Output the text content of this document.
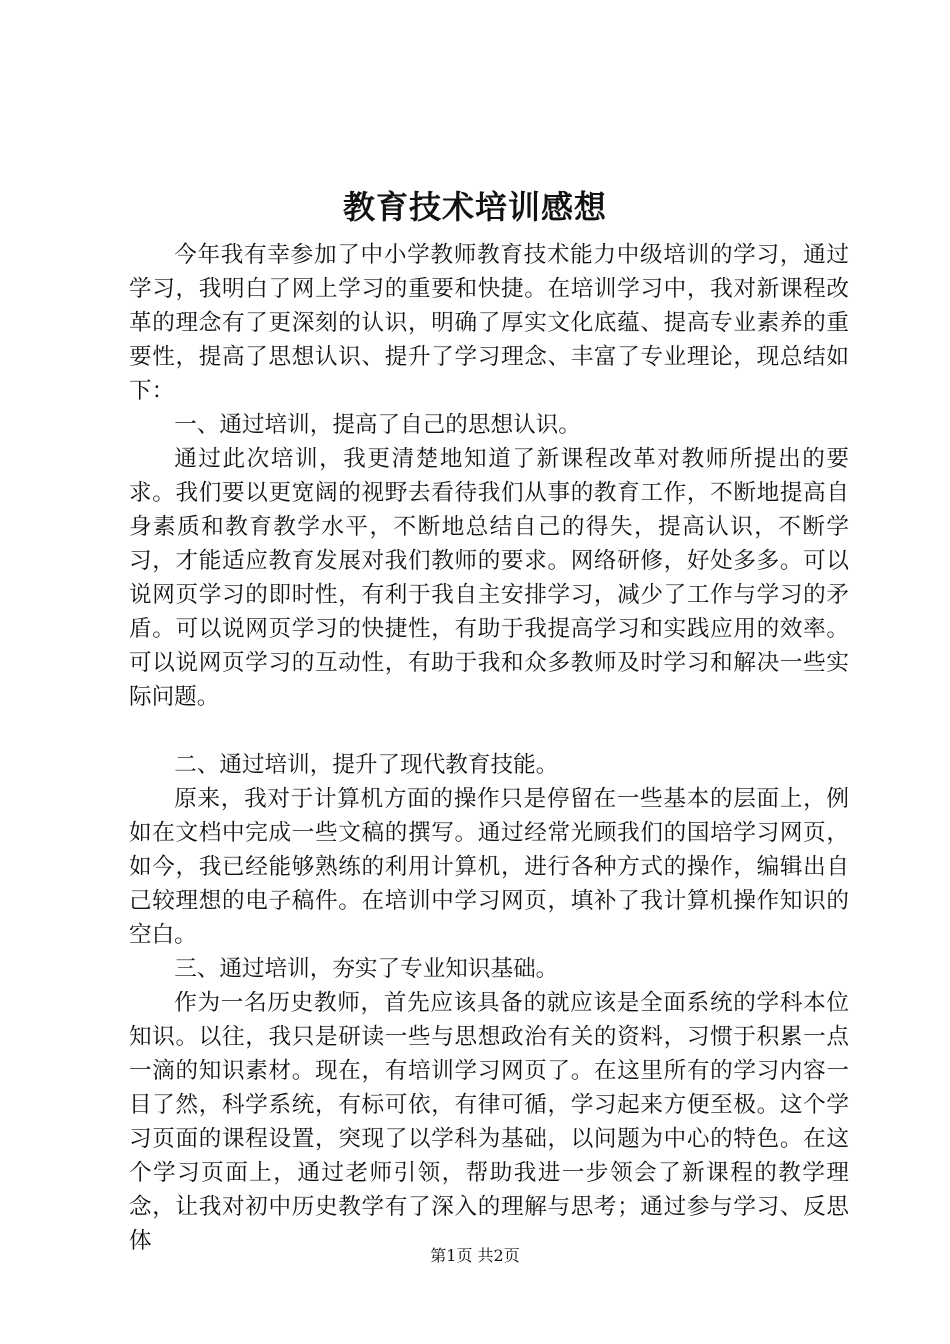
教育技术培训感想

今年我有幸参加了中小学教师教育技术能力中级培训的学习，通过学习，我明白了网上学习的重要和快捷。在培训学习中，我对新课程改革的理念有了更深刻的认识，明确了厚实文化底蕴、提高专业素养的重要性，提高了思想认识、提升了学习理念、丰富了专业理论，现总结如下：

一、通过培训，提高了自己的思想认识。

通过此次培训，我更清楚地知道了新课程改革对教师所提出的要求。我们要以更宽阔的视野去看待我们从事的教育工作，不断地提高自身素质和教育教学水平，不断地总结自己的得失，提高认识，不断学习，才能适应教育发展对我们教师的要求。网络研修，好处多多。可以说网页学习的即时性，有利于我自主安排学习，减少了工作与学习的矛盾。可以说网页学习的快捷性，有助于我提高学习和实践应用的效率。可以说网页学习的互动性，有助于我和众多教师及时学习和解决一些实际问题。

二、通过培训，提升了现代教育技能。

原来，我对于计算机方面的操作只是停留在一些基本的层面上，例如在文档中完成一些文稿的撰写。通过经常光顾我们的国培学习网页，如今，我已经能够熟练的利用计算机，进行各种方式的操作，编辑出自己较理想的电子稿件。在培训中学习网页，填补了我计算机操作知识的空白。

三、通过培训，夯实了专业知识基础。

作为一名历史教师，首先应该具备的就应该是全面系统的学科本位知识。以往，我只是研读一些与思想政治有关的资料，习惯于积累一点一滴的知识素材。现在，有培训学习网页了。在这里所有的学习内容一目了然，科学系统，有标可依，有律可循，学习起来方便至极。这个学习页面的课程设置，突现了以学科为基础，以问题为中心的特色。在这个学习页面上，通过老师引领，帮助我进一步领会了新课程的教学理念，让我对初中历史教学有了深入的理解与思考；通过参与学习、反思体

第1页 共2页
